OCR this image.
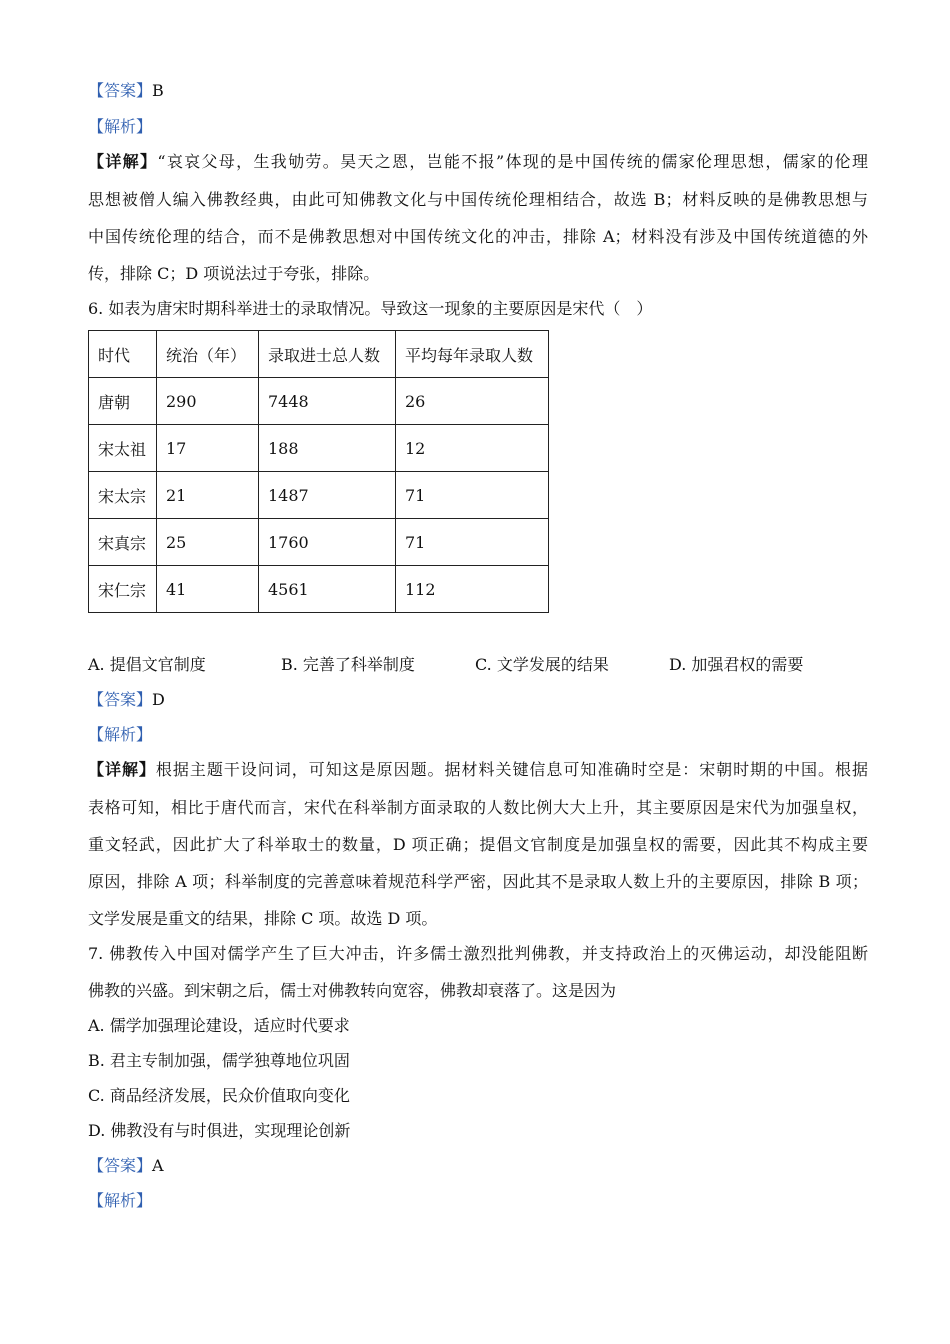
【答案】B
【解析】
【详解】“哀哀父母，生我劬劳。昊天之恩，岂能不报”体现的是中国传统的儒家伦理思想，儒家的伦理
思想被僧人编入佛教经典，由此可知佛教文化与中国传统伦理相结合，故选 B；材料反映的是佛教思想与
中国传统伦理的结合，而不是佛教思想对中国传统文化的冲击，排除 A；材料没有涉及中国传统道德的外
传，排除 C；D 项说法过于夸张，排除。
6. 如表为唐宋时期科举进士的录取情况。导致这一现象的主要原因是宋代（　）
时代	统治（年）	录取进士总人数	平均每年录取人数
唐朝	290	7448	26
宋太祖	17	188	12
宋太宗	21	1487	71
宋真宗	25	1760	71
宋仁宗	41	4561	112
A. 提倡文官制度	B. 完善了科举制度	C. 文学发展的结果	D. 加强君权的需要
【答案】D
【解析】
【详解】根据主题干设问词，可知这是原因题。据材料关键信息可知准确时空是：宋朝时期的中国。根据
表格可知，相比于唐代而言，宋代在科举制方面录取的人数比例大大上升，其主要原因是宋代为加强皇权，
重文轻武，因此扩大了科举取士的数量，D 项正确；提倡文官制度是加强皇权的需要，因此其不构成主要
原因，排除 A 项；科举制度的完善意味着规范科学严密，因此其不是录取人数上升的主要原因，排除 B 项；
文学发展是重文的结果，排除 C 项。故选 D 项。
7. 佛教传入中国对儒学产生了巨大冲击，许多儒士激烈批判佛教，并支持政治上的灭佛运动，却没能阻断
佛教的兴盛。到宋朝之后，儒士对佛教转向宽容，佛教却衰落了。这是因为
A. 儒学加强理论建设，适应时代要求
B. 君主专制加强，儒学独尊地位巩固
C. 商品经济发展，民众价值取向变化
D. 佛教没有与时俱进，实现理论创新
【答案】A
【解析】
